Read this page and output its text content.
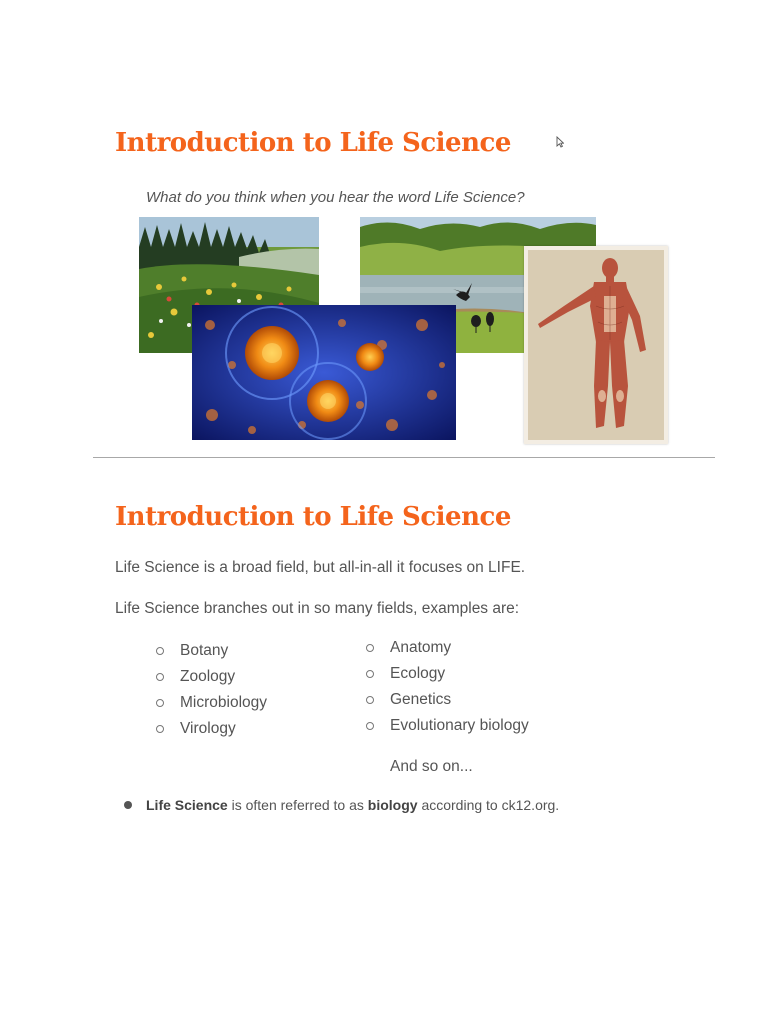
Introduction to Life Science
What do you think when you hear the word Life Science?
Introduction to Life Science

Life Science is a broad field, but all-in-all it focuses on LIFE.

Life Science branches out in so many fields, examples are:

Botany
Zoology
Microbiology
Virology
Anatomy
Ecology
Genetics
Evolutionary biology
And so on...
Life Science is often referred to as biology according to ck12.org.
